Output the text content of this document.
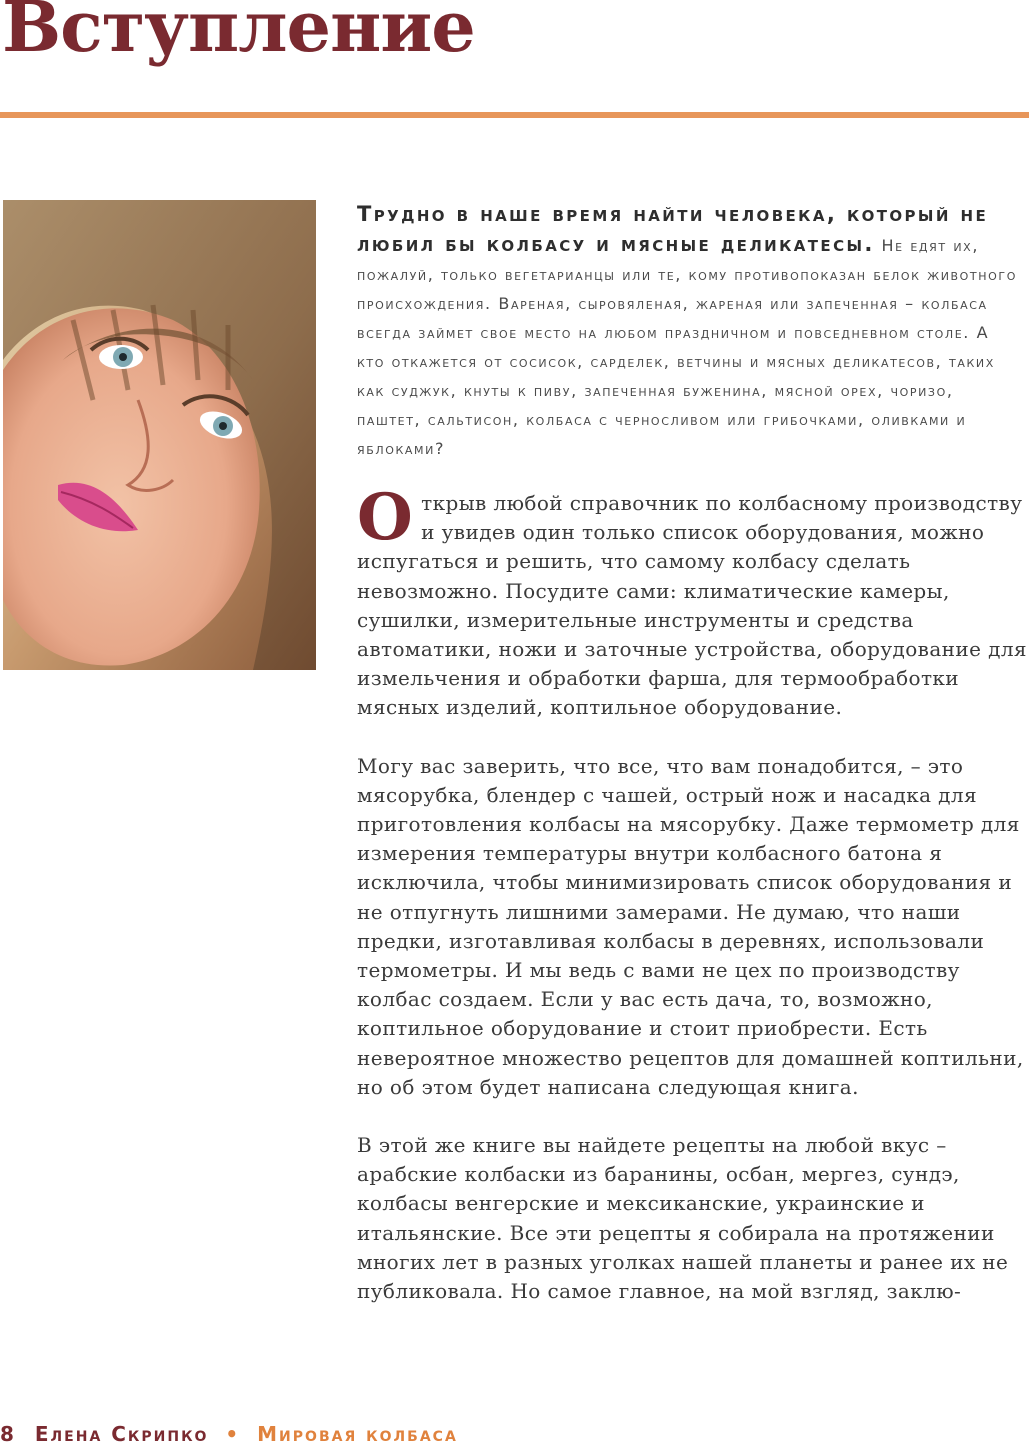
Вступление

Трудно в наше время найти человека, который не любил бы колбасу и мясные деликатесы. Не едят их, пожалуй, только вегетарианцы или те, кому противопоказан белок животного происхождения. Вареная, сыровяленая, жареная или запеченная – колбаса всегда займет свое место на любом праздничном и повседневном столе. А кто откажется от сосисок, сарделек, ветчины и мясных деликатесов, таких как суджук, кнуты к пиву, запеченная буженина, мясной орех, чоризо, паштет, сальтисон, колбаса с черносливом или грибочками, оливками и яблоками?

Открыв любой справочник по колбасному производству и увидев один только список оборудования, можно испугаться и решить, что самому колбасу сделать невозможно. Посудите сами: климатические камеры, сушилки, измерительные инструменты и средства автоматики, ножи и заточные устройства, оборудование для измельчения и обработки фарша, для термообработки мясных изделий, коптильное оборудование.

Могу вас заверить, что все, что вам понадобится, – это мясорубка, блендер с чашей, острый нож и насадка для приготовления колбасы на мясорубку. Даже термометр для измерения температуры внутри колбасного батона я исключила, чтобы минимизировать список оборудования и не отпугнуть лишними замерами. Не думаю, что наши предки, изготавливая колбасы в деревнях, использовали термометры. И мы ведь с вами не цех по производству колбас создаем. Если у вас есть дача, то, возможно, коптильное оборудование и стоит приобрести. Есть невероятное множество рецептов для домашней коптильни, но об этом будет написана следующая книга.

В этой же книге вы найдете рецепты на любой вкус – арабские колбаски из баранины, осбан, мергез, сундэ, колбасы венгерские и мексиканские, украинские и итальянские. Все эти рецепты я собирала на протяжении многих лет в разных уголках нашей планеты и ранее их не публиковала. Но самое главное, на мой взгляд, заклю-

8 Елена Скрипко • Мировая колбаса
